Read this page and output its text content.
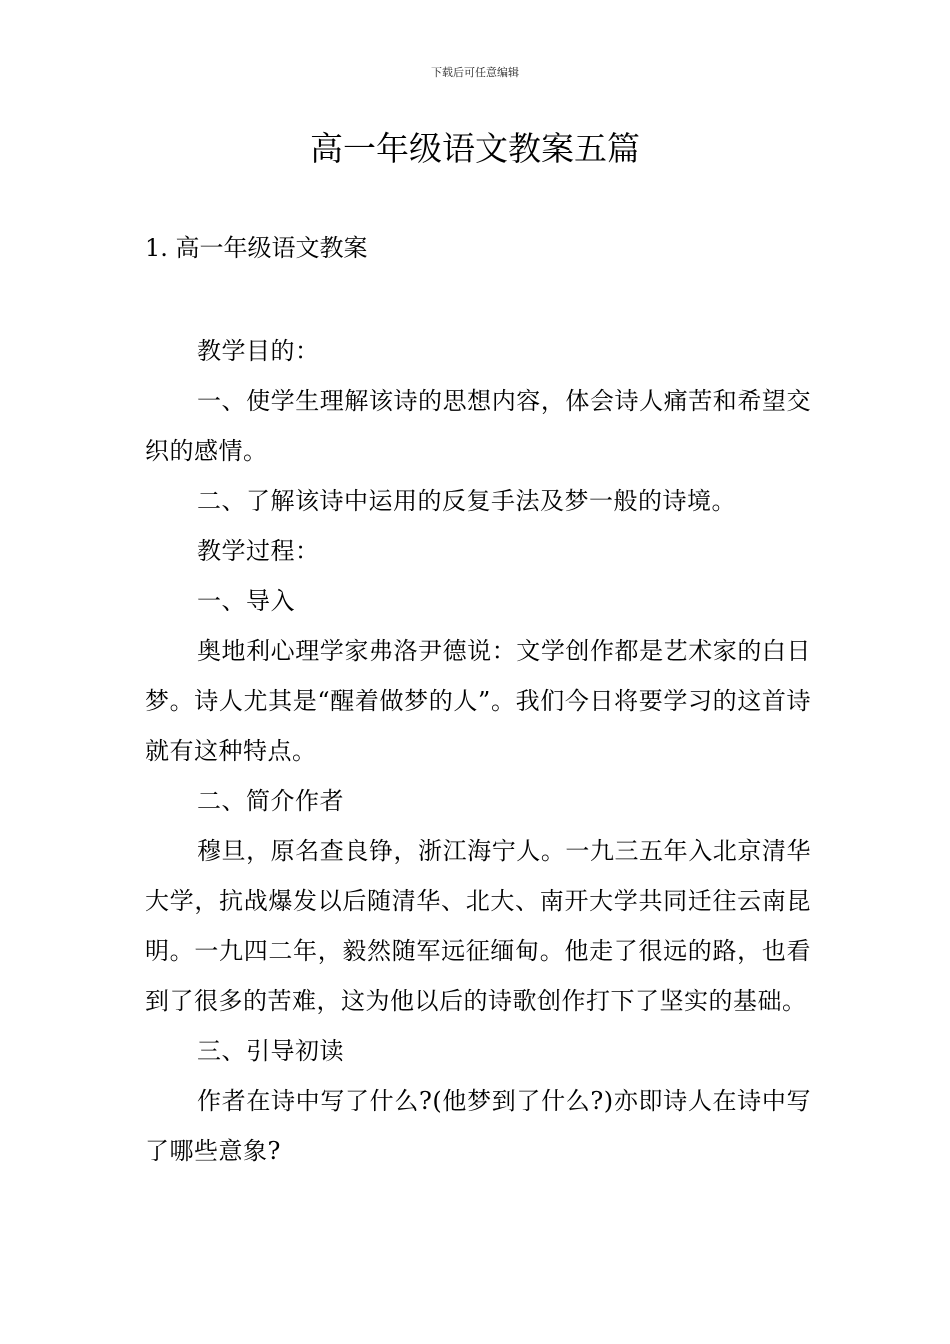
下载后可任意编辑
高一年级语文教案五篇
1. 高一年级语文教案

教学目的：

一、使学生理解该诗的思想内容，体会诗人痛苦和希望交织的感情。

二、了解该诗中运用的反复手法及梦一般的诗境。

教学过程：

一、导入

奥地利心理学家弗洛尹德说：文学创作都是艺术家的白日梦。诗人尤其是“醒着做梦的人”。我们今日将要学习的这首诗就有这种特点。

二、简介作者

穆旦，原名查良铮，浙江海宁人。一九三五年入北京清华大学，抗战爆发以后随清华、北大、南开大学共同迁往云南昆明。一九四二年，毅然随军远征缅甸。他走了很远的路，也看到了很多的苦难，这为他以后的诗歌创作打下了坚实的基础。

三、引导初读

作者在诗中写了什么?(他梦到了什么?)亦即诗人在诗中写了哪些意象?
